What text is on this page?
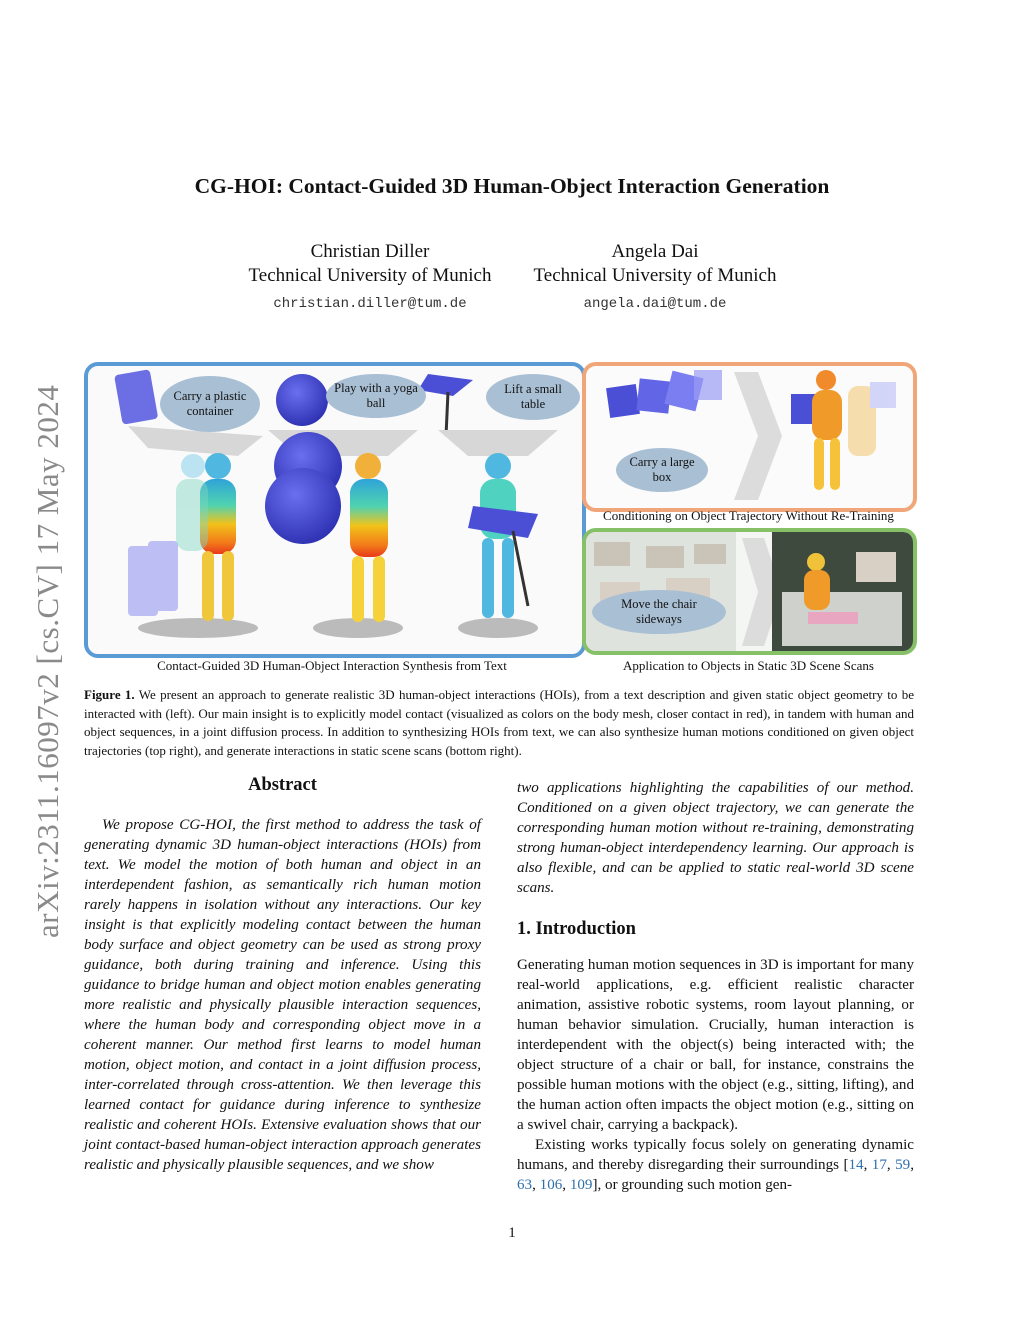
arXiv:2311.16097v2 [cs.CV] 17 May 2024
CG-HOI: Contact-Guided 3D Human-Object Interaction Generation
Christian Diller
Technical University of Munich
christian.diller@tum.de
Angela Dai
Technical University of Munich
angela.dai@tum.de
Carry a plastic container
Play with a yoga ball
Lift a small table
Carry a large box
Conditioning on Object Trajectory Without Re-Training
Move the chair sideways
Contact-Guided 3D Human-Object Interaction Synthesis from Text	Application to Objects in Static 3D Scene Scans
Figure 1. We present an approach to generate realistic 3D human-object interactions (HOIs), from a text description and given static object geometry to be interacted with (left). Our main insight is to explicitly model contact (visualized as colors on the body mesh, closer contact in red), in tandem with human and object sequences, in a joint diffusion process. In addition to synthesizing HOIs from text, we can also synthesize human motions conditioned on given object trajectories (top right), and generate interactions in static scene scans (bottom right).
Abstract
We propose CG-HOI, the first method to address the task of generating dynamic 3D human-object interactions (HOIs) from text. We model the motion of both human and object in an interdependent fashion, as semantically rich human motion rarely happens in isolation without any interactions. Our key insight is that explicitly modeling contact between the human body surface and object geometry can be used as strong proxy guidance, both during training and inference. Using this guidance to bridge human and object motion enables generating more realistic and physically plausible interaction sequences, where the human body and corresponding object move in a coherent manner. Our method first learns to model human motion, object motion, and contact in a joint diffusion process, inter-correlated through cross-attention. We then leverage this learned contact for guidance during inference to synthesize realistic and coherent HOIs. Extensive evaluation shows that our joint contact-based human-object interaction approach generates realistic and physically plausible sequences, and we show
two applications highlighting the capabilities of our method. Conditioned on a given object trajectory, we can generate the corresponding human motion without re-training, demonstrating strong human-object interdependency learning. Our approach is also flexible, and can be applied to static real-world 3D scene scans.
1. Introduction
Generating human motion sequences in 3D is important for many real-world applications, e.g. efficient realistic character animation, assistive robotic systems, room layout planning, or human behavior simulation. Crucially, human interaction is interdependent with the object(s) being interacted with; the object structure of a chair or ball, for instance, constrains the possible human motions with the object (e.g., sitting, lifting), and the human action often impacts the object motion (e.g., sitting on a swivel chair, carrying a backpack).
Existing works typically focus solely on generating dynamic humans, and thereby disregarding their surroundings [14, 17, 59, 63, 106, 109], or grounding such motion gen-
1
